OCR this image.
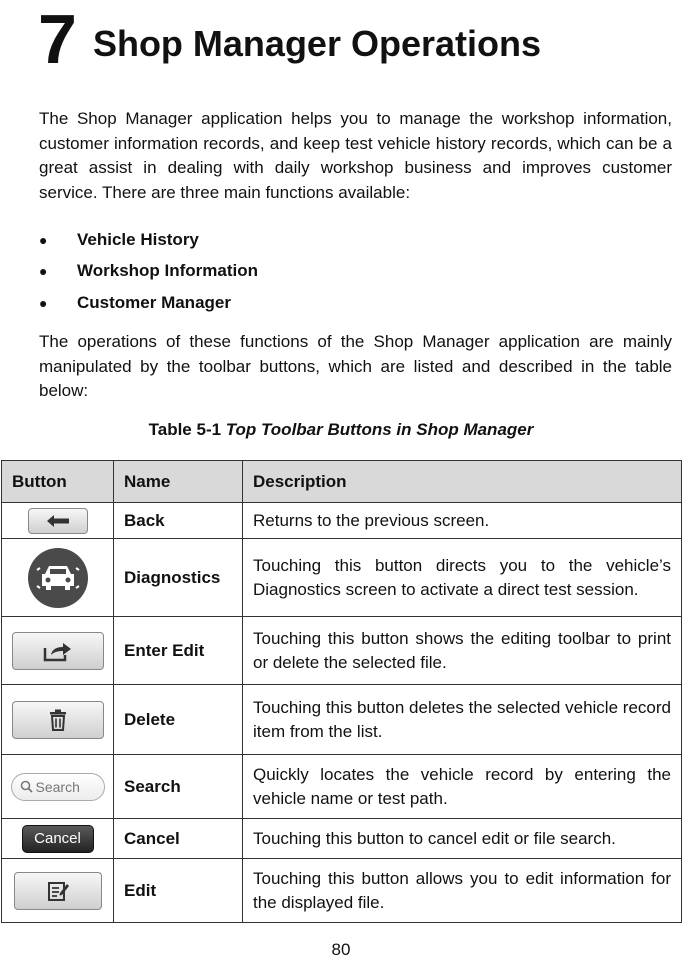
7 Shop Manager Operations

The Shop Manager application helps you to manage the workshop information, customer information records, and keep test vehicle history records, which can be a great assist in dealing with daily workshop business and improves customer service. There are three main functions available:

●	Vehicle History
●	Workshop Information
●	Customer Manager

The operations of these functions of the Shop Manager application are mainly manipulated by the toolbar buttons, which are listed and described in the table below:

Table 5-1 Top Toolbar Buttons in Shop Manager
Button	Name	Description

	Back	Returns to the previous screen.

	Diagnostics	Touching this button directs you to the vehicle’s Diagnostics screen to activate a direct test session.

	Enter Edit	Touching this button shows the editing toolbar to print or delete the selected file.

	Delete	Touching this button deletes the selected vehicle record item from the list.

Search	Search	Quickly locates the vehicle record by entering the vehicle name or test path.
Cancel	Cancel	Touching this button to cancel edit or file search.

	Edit	Touching this button allows you to edit information for the displayed file.
80
